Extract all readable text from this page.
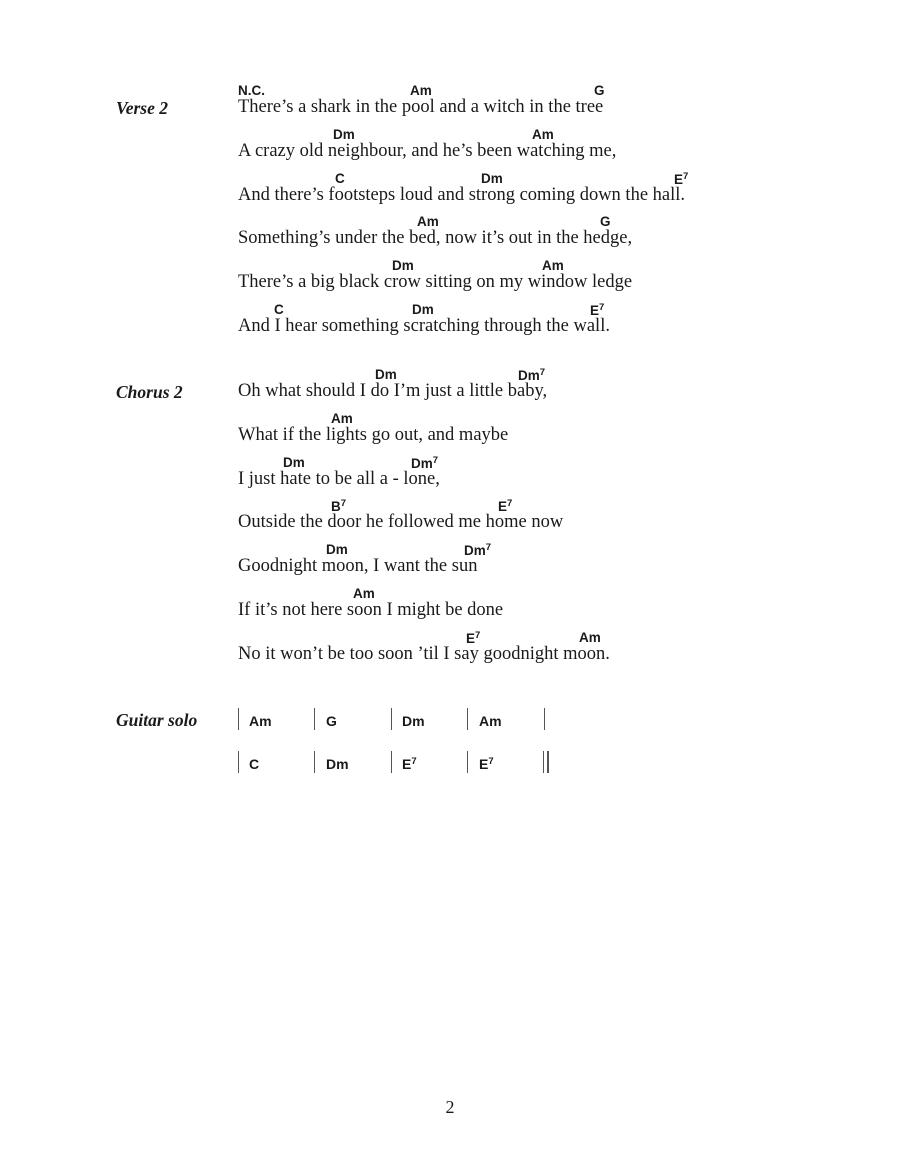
Verse 2
N.C.	Am	G
There’s a shark in the pool and a witch in the tree
Dm	Am
A crazy old neighbour, and he’s been watching me,
C	Dm	$E^7$
And there’s footsteps loud and strong coming down the hall.
Am	G
Something’s under the bed, now it’s out in the hedge,
Dm	Am
There’s a big black crow sitting on my window ledge
C	Dm	$E^7$
And I hear something scratching through the wall.
Chorus 2
Dm	Dm$^7$
Oh what should I do I’m just a little baby,
Am
What if the lights go out, and maybe
Dm	Dm$^7$
I just hate to be all a - lone,
$B^7$	$E^7$
Outside the door he followed me home now
Dm	Dm$^7$
Goodnight moon, I want the sun
Am
If it’s not here soon I might be done
$E^7$	Am
No it won’t be too soon ’til I say goodnight moon.
Guitar solo	Am	G	Dm	Am
C	Dm	$E^7$	$E^7$
2
